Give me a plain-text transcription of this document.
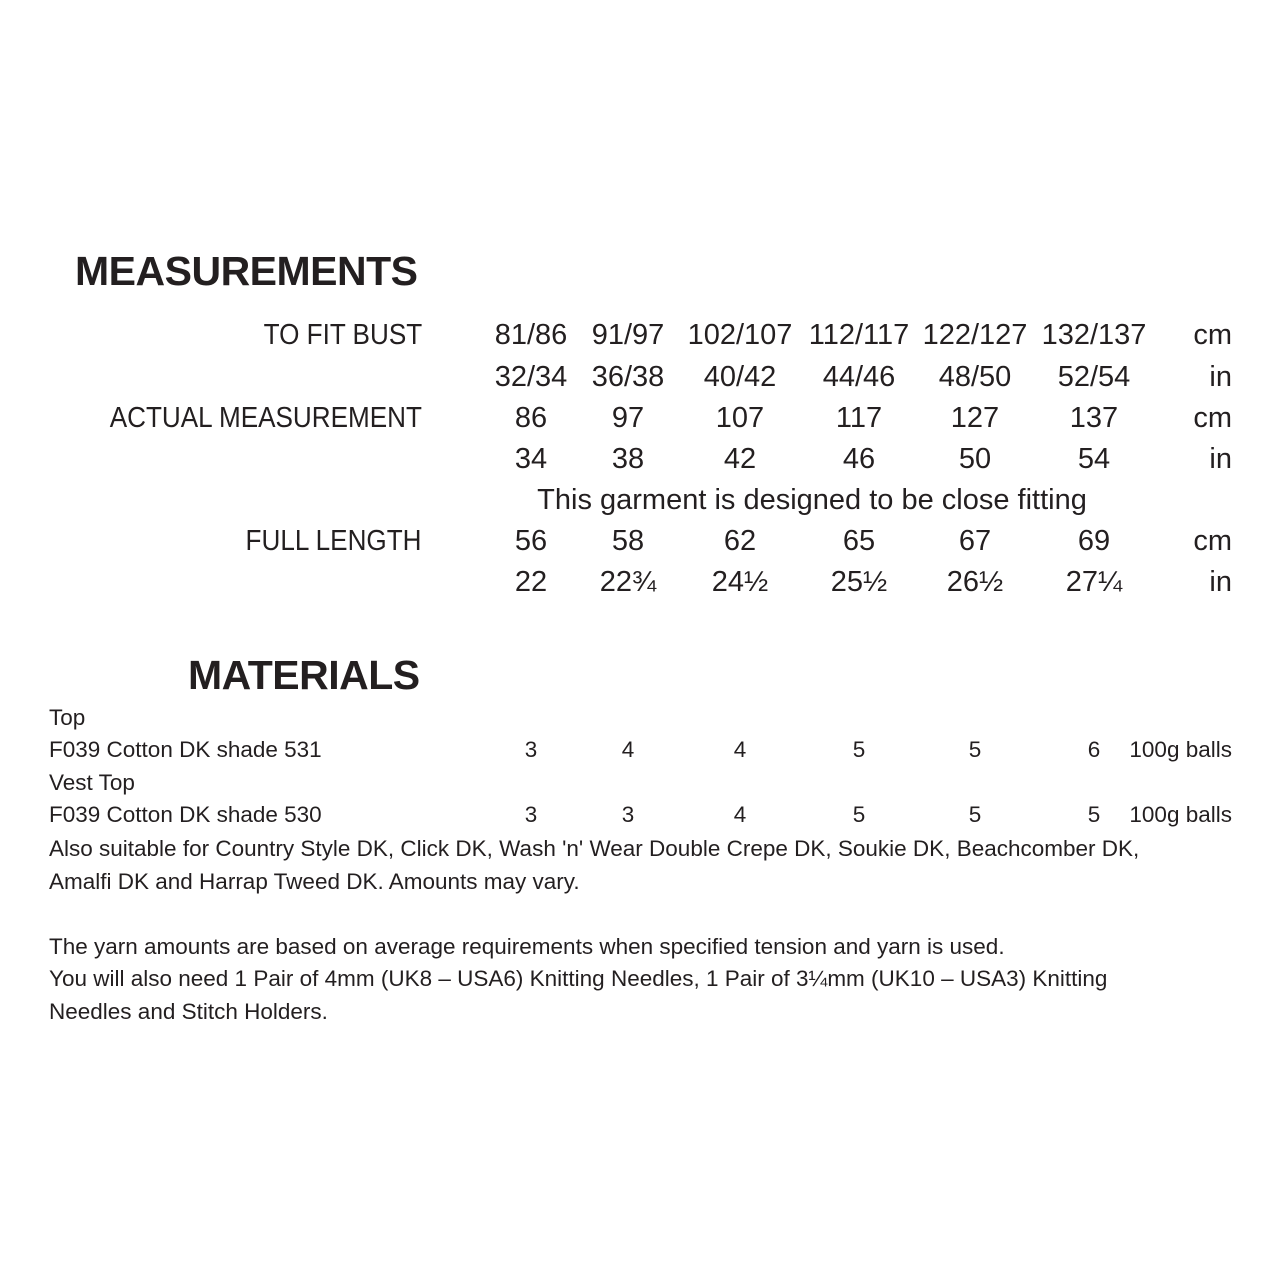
MEASUREMENTS
TO FIT BUST	81/86 91/97 102/107 112/117 122/127 132/137 cm
32/34 36/38 40/42 44/46 48/50 52/54	in
ACTUAL MEASUREMENT	86 97 107 117 127 137	cm
34 38	42	46	50	54	in
This garment is designed to be close fitting
FULL LENGTH	56 58	62	65	67	69	cm
22 22¾ 24½ 25½ 26½ 27¼	in
MATERIALS
Top
F039 Cotton DK shade 531	3	4	4	5	5	6 100g balls
Vest Top
F039 Cotton DK shade 530	3	3	4	5	5	5 100g balls
Also suitable for Country Style DK, Click DK, Wash 'n' Wear Double Crepe DK, Soukie DK, Beachcomber DK,
Amalfi DK and Harrap Tweed DK. Amounts may vary.
The yarn amounts are based on average requirements when specified tension and yarn is used.
You will also need 1 Pair of 4mm (UK8 – USA6) Knitting Needles, 1 Pair of 3¼mm (UK10 – USA3) Knitting
Needles and Stitch Holders.
